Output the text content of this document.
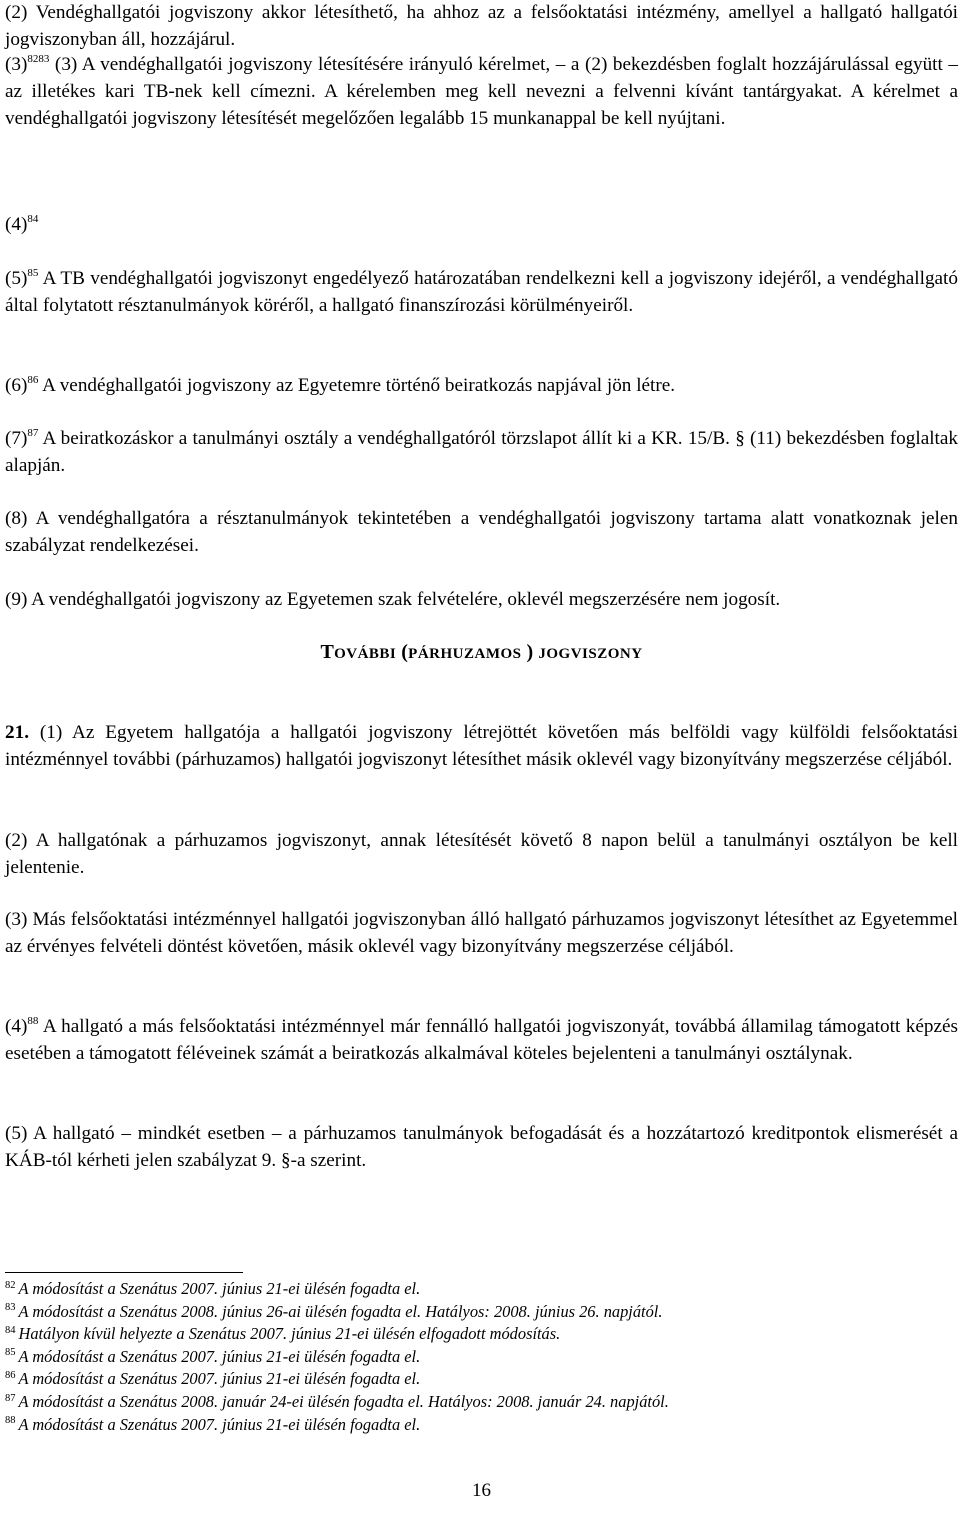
(2) Vendéghallgatói jogviszony akkor létesíthető, ha ahhoz az a felsőoktatási intézmény, amellyel a hallgató hallgatói jogviszonyban áll, hozzájárul.

(3)$^{8283}$ (3) A vendéghallgatói jogviszony létesítésére irányuló kérelmet, – a (2) bekezdésben foglalt hozzájárulással együtt – az illetékes kari TB-nek kell címezni. A kérelemben meg kell nevezni a felvenni kívánt tantárgyakat. A kérelmet a vendéghallgatói jogviszony létesítését megelőzően legalább 15 munkanappal be kell nyújtani.

(4)$^{84}$

(5)$^{85}$ A TB vendéghallgatói jogviszonyt engedélyező határozatában rendelkezni kell a jogviszony idejéről, a vendéghallgató által folytatott résztanulmányok köréről, a hallgató finanszírozási körülményeiről.

(6)$^{86}$ A vendéghallgatói jogviszony az Egyetemre történő beiratkozás napjával jön létre.

(7)$^{87}$ A beiratkozáskor a tanulmányi osztály a vendéghallgatóról törzslapot állít ki a KR. 15/B. § (11) bekezdésben foglaltak alapján.

(8) A vendéghallgatóra a résztanulmányok tekintetében a vendéghallgatói jogviszony tartama alatt vonatkoznak jelen szabályzat rendelkezései.

(9) A vendéghallgatói jogviszony az Egyetemen szak felvételére, oklevél megszerzésére nem jogosít.

TOVÁBBI (PÁRHUZAMOS ) JOGVISZONY

21. (1) Az Egyetem hallgatója a hallgatói jogviszony létrejöttét követően más belföldi vagy külföldi felsőoktatási intézménnyel további (párhuzamos) hallgatói jogviszonyt létesíthet másik oklevél vagy bizonyítvány megszerzése céljából.

(2) A hallgatónak a párhuzamos jogviszonyt, annak létesítését követő 8 napon belül a tanulmányi osztályon be kell jelentenie.

(3) Más felsőoktatási intézménnyel hallgatói jogviszonyban álló hallgató párhuzamos jogviszonyt létesíthet az Egyetemmel az érvényes felvételi döntést követően, másik oklevél vagy bizonyítvány megszerzése céljából.

(4)$^{88}$ A hallgató a más felsőoktatási intézménnyel már fennálló hallgatói jogviszonyát, továbbá államilag támogatott képzés esetében a támogatott féléveinek számát a beiratkozás alkalmával köteles bejelenteni a tanulmányi osztálynak.

(5) A hallgató – mindkét esetben – a párhuzamos tanulmányok befogadását és a hozzátartozó kreditpontok elismerését a KÁB-tól kérheti jelen szabályzat 9. §-a szerint.

$^{82}$ A módosítást a Szenátus 2007. június 21-ei ülésén fogadta el.
$^{83}$ A módosítást a Szenátus 2008. június 26-ai ülésén fogadta el. Hatályos: 2008. június 26. napjától.
$^{84}$ Hatályon kívül helyezte a Szenátus 2007. június 21-ei ülésén elfogadott módosítás.
$^{85}$ A módosítást a Szenátus 2007. június 21-ei ülésén fogadta el.
$^{86}$ A módosítást a Szenátus 2007. június 21-ei ülésén fogadta el.
$^{87}$ A módosítást a Szenátus 2008. január 24-ei ülésén fogadta el. Hatályos: 2008. január 24. napjától.
$^{88}$ A módosítást a Szenátus 2007. június 21-ei ülésén fogadta el.
16
